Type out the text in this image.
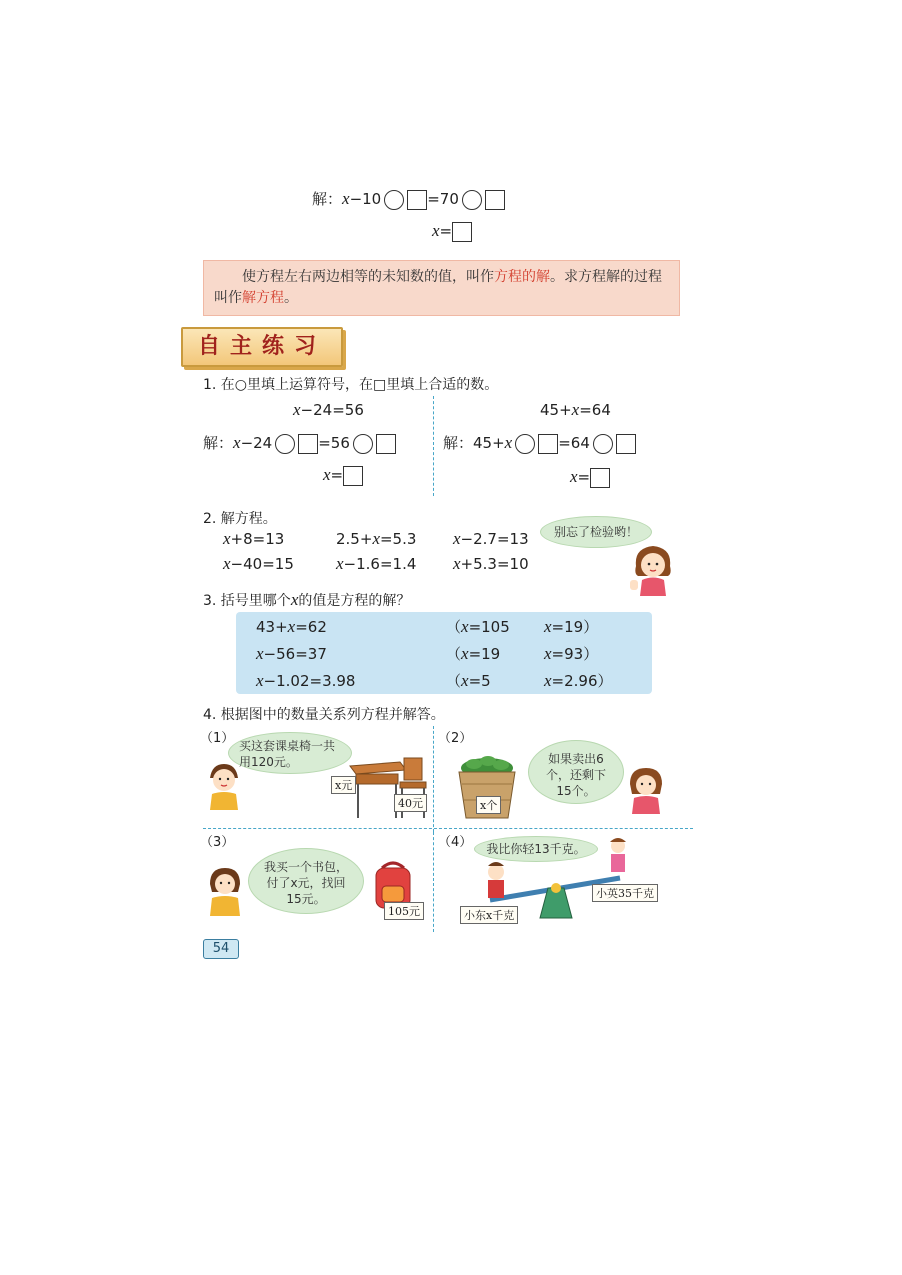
解：x−10	=70
x=
使方程左右两边相等的未知数的值，叫作方程的解。求方程解的过程叫作解方程。
自主练习
1. 在○里填上运算符号，在□里填上合适的数。
x−24=56
解：x−24	=56
x=
45+x=64
解：45+x	=64
x=
2. 解方程。
x+8=13	2.5+x=5.3 x−2.7=13
x−40=15 x−1.6=1.4 x+5.3=10
别忘了检验哟！
3. 括号里哪个x的值是方程的解？
43+x=62	（x=105 x=19）
x−56=37	（x=19	x=93）
x−1.02=3.98	（x=5	x=2.96）
4. 根据图中的数量关系列方程并解答。
（1） 买这套课桌椅一共用120元。
x元
40元
（2）
x个
如果卖出6个，还剩下15个。
（3）
我买一个书包，付了x元，找回15元。
105元
（4）	我比你轻13千克。
小东x千克
小英35千克
54
